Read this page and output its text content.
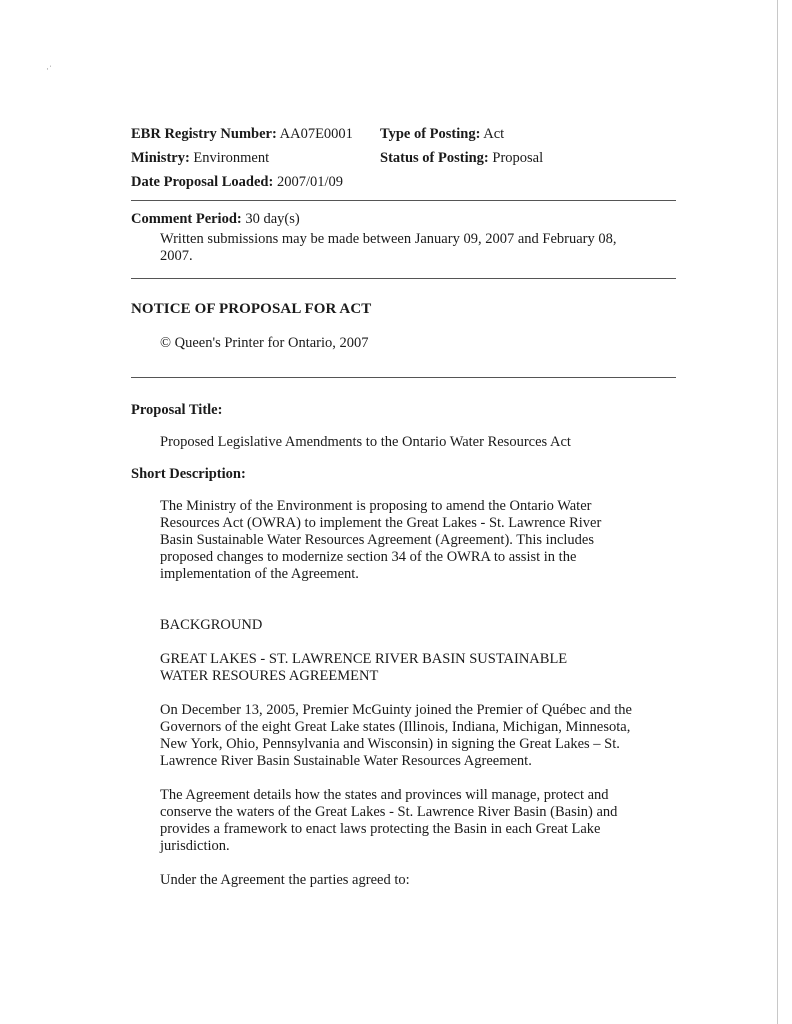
·ˈ
EBR Registry Number: AA07E0001	Type of Posting: Act
Ministry: Environment	Status of Posting: Proposal
Date Proposal Loaded: 2007/01/09
Comment Period: 30 day(s)

Written submissions may be made between January 09, 2007 and February 08, 2007.

NOTICE OF PROPOSAL FOR ACT

© Queen's Printer for Ontario, 2007

Proposal Title:

Proposed Legislative Amendments to the Ontario Water Resources Act

Short Description:

The Ministry of the Environment is proposing to amend the Ontario Water Resources Act (OWRA) to implement the Great Lakes - St. Lawrence River Basin Sustainable Water Resources Agreement (Agreement). This includes proposed changes to modernize section 34 of the OWRA to assist in the implementation of the Agreement.

BACKGROUND

GREAT LAKES - ST. LAWRENCE RIVER BASIN SUSTAINABLE WATER RESOURES AGREEMENT

On December 13, 2005, Premier McGuinty joined the Premier of Québec and the Governors of the eight Great Lake states (Illinois, Indiana, Michigan, Minnesota, New York, Ohio, Pennsylvania and Wisconsin) in signing the Great Lakes – St. Lawrence River Basin Sustainable Water Resources Agreement.

The Agreement details how the states and provinces will manage, protect and conserve the waters of the Great Lakes - St. Lawrence River Basin (Basin) and provides a framework to enact laws protecting the Basin in each Great Lake jurisdiction.

Under the Agreement the parties agreed to:
